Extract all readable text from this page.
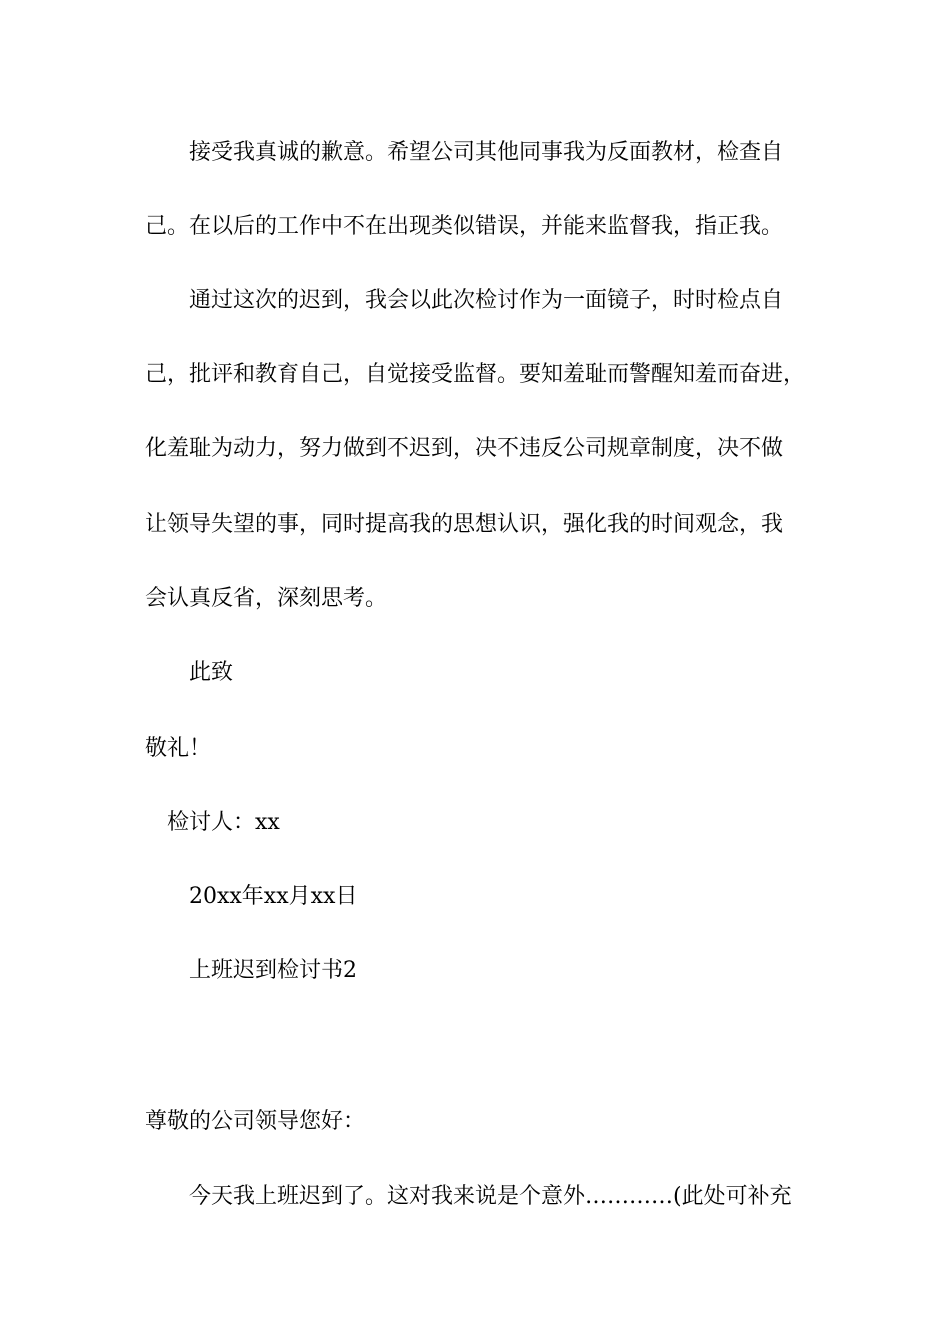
接受我真诚的歉意。希望公司其他同事我为反面教材，检查自
己。在以后的工作中不在出现类似错误，并能来监督我，指正我。
通过这次的迟到，我会以此次检讨作为一面镜子，时时检点自
己，批评和教育自己，自觉接受监督。要知羞耻而警醒知羞而奋进，
化羞耻为动力，努力做到不迟到，决不违反公司规章制度，决不做
让领导失望的事，同时提高我的思想认识，强化我的时间观念，我
会认真反省，深刻思考。
此致
敬礼！
检讨人：xx
20xx年xx月xx日
上班迟到检讨书2
尊敬的公司领导您好：
今天我上班迟到了。这对我来说是个意外…………(此处可补充
